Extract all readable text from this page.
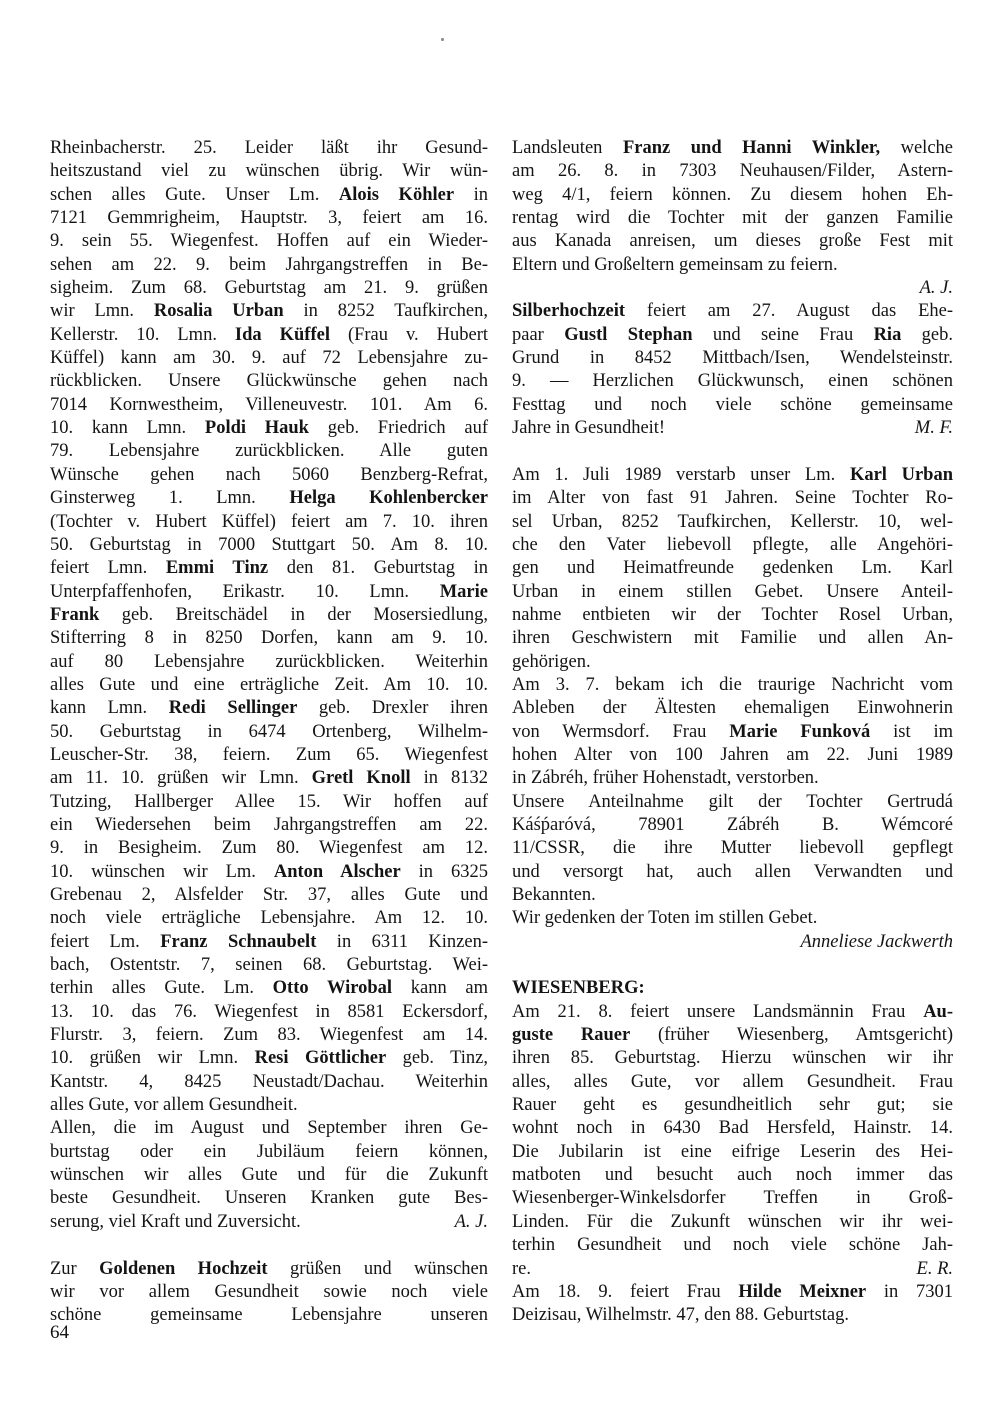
Rheinbacherstr. 25. Leider läßt ihr Gesund-
heitszustand viel zu wünschen übrig. Wir wün-
schen alles Gute. Unser Lm. Alois Köhler in
7121 Gemmrigheim, Hauptstr. 3, feiert am 16.
9. sein 55. Wiegenfest. Hoffen auf ein Wieder-
sehen am 22. 9. beim Jahrgangstreffen in Be-
sigheim. Zum 68. Geburtstag am 21. 9. grüßen
wir Lmn. Rosalia Urban in 8252 Taufkirchen,
Kellerstr. 10. Lmn. Ida Küffel (Frau v. Hubert
Küffel) kann am 30. 9. auf 72 Lebensjahre zu-
rückblicken. Unsere Glückwünsche gehen nach
7014 Kornwestheim, Villeneuvestr. 101. Am 6.
10. kann Lmn. Poldi Hauk geb. Friedrich auf
79. Lebensjahre zurückblicken. Alle guten
Wünsche gehen nach 5060 Benzberg-Refrat,
Ginsterweg 1. Lmn. Helga Kohlenbercker
(Tochter v. Hubert Küffel) feiert am 7. 10. ihren
50. Geburtstag in 7000 Stuttgart 50. Am 8. 10.
feiert Lmn. Emmi Tinz den 81. Geburtstag in
Unterpfaffenhofen, Erikastr. 10. Lmn. Marie
Frank geb. Breitschädel in der Mosersiedlung,
Stifterring 8 in 8250 Dorfen, kann am 9. 10.
auf 80 Lebensjahre zurückblicken. Weiterhin
alles Gute und eine erträgliche Zeit. Am 10. 10.
kann Lmn. Redi Sellinger geb. Drexler ihren
50. Geburtstag in 6474 Ortenberg, Wilhelm-
Leuscher-Str. 38, feiern. Zum 65. Wiegenfest
am 11. 10. grüßen wir Lmn. Gretl Knoll in 8132
Tutzing, Hallberger Allee 15. Wir hoffen auf
ein Wiedersehen beim Jahrgangstreffen am 22.
9. in Besigheim. Zum 80. Wiegenfest am 12.
10. wünschen wir Lm. Anton Alscher in 6325
Grebenau 2, Alsfelder Str. 37, alles Gute und
noch viele erträgliche Lebensjahre. Am 12. 10.
feiert Lm. Franz Schnaubelt in 6311 Kinzen-
bach, Ostentstr. 7, seinen 68. Geburtstag. Wei-
terhin alles Gute. Lm. Otto Wirobal kann am
13. 10. das 76. Wiegenfest in 8581 Eckersdorf,
Flurstr. 3, feiern. Zum 83. Wiegenfest am 14.
10. grüßen wir Lmn. Resi Göttlicher geb. Tinz,
Kantstr. 4, 8425 Neustadt/Dachau. Weiterhin
alles Gute, vor allem Gesundheit.
Allen, die im August und September ihren Ge-
burtstag oder ein Jubiläum feiern können,
wünschen wir alles Gute und für die Zukunft
beste Gesundheit. Unseren Kranken gute Bes-
serung, viel Kraft und Zuversicht.	A. J.
Zur Goldenen Hochzeit grüßen und wünschen
wir vor allem Gesundheit sowie noch viele
schöne gemeinsame Lebensjahre unseren
Landsleuten Franz und Hanni Winkler, welche
am 26. 8. in 7303 Neuhausen/Filder, Astern-
weg 4/1, feiern können. Zu diesem hohen Eh-
rentag wird die Tochter mit der ganzen Familie
aus Kanada anreisen, um dieses große Fest mit
Eltern und Großeltern gemeinsam zu feiern.
A. J.
Silberhochzeit feiert am 27. August das Ehe-
paar Gustl Stephan und seine Frau Ria geb.
Grund in 8452 Mittbach/Isen, Wendelsteinstr.
9. — Herzlichen Glückwunsch, einen schönen
Festtag und noch viele schöne gemeinsame
Jahre in Gesundheit!	M. F.
Am 1. Juli 1989 verstarb unser Lm. Karl Urban
im Alter von fast 91 Jahren. Seine Tochter Ro-
sel Urban, 8252 Taufkirchen, Kellerstr. 10, wel-
che den Vater liebevoll pflegte, alle Angehöri-
gen und Heimatfreunde gedenken Lm. Karl
Urban in einem stillen Gebet. Unsere Anteil-
nahme entbieten wir der Tochter Rosel Urban,
ihren Geschwistern mit Familie und allen An-
gehörigen.
Am 3. 7. bekam ich die traurige Nachricht vom
Ableben der Ältesten ehemaligen Einwohnerin
von Wermsdorf. Frau Marie Funková ist im
hohen Alter von 100 Jahren am 22. Juni 1989
in Zábréh, früher Hohenstadt, verstorben.
Unsere Anteilnahme gilt der Tochter Gertrudá
Káśṕaróvá, 78901 Zábréh B. Wémcoré
11/CSSR, die ihre Mutter liebevoll gepflegt
und versorgt hat, auch allen Verwandten und
Bekannten.
Wir gedenken der Toten im stillen Gebet.
Anneliese Jackwerth
WIESENBERG:
Am 21. 8. feiert unsere Landsmännin Frau Au-
guste Rauer (früher Wiesenberg, Amtsgericht)
ihren 85. Geburtstag. Hierzu wünschen wir ihr
alles, alles Gute, vor allem Gesundheit. Frau
Rauer geht es gesundheitlich sehr gut; sie
wohnt noch in 6430 Bad Hersfeld, Hainstr. 14.
Die Jubilarin ist eine eifrige Leserin des Hei-
matboten und besucht auch noch immer das
Wiesenberger-Winkelsdorfer Treffen in Groß-
Linden. Für die Zukunft wünschen wir ihr wei-
terhin Gesundheit und noch viele schöne Jah-
re.	E. R.
Am 18. 9. feiert Frau Hilde Meixner in 7301
Deizisau, Wilhelmstr. 47, den 88. Geburtstag.
64
